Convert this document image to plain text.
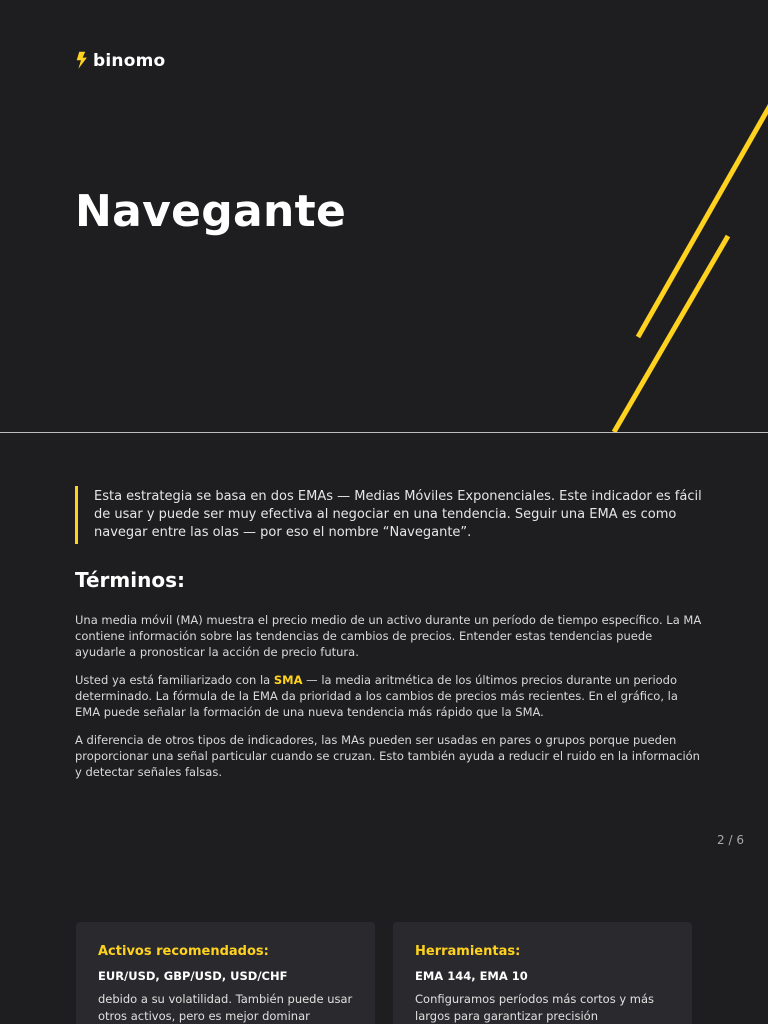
binomo
Navegante

Esta estrategia se basa en dos EMAs — Medias Móviles Exponenciales. Este indicador es fácil de usar y puede ser muy efectiva al negociar en una tendencia. Seguir una EMA es como navegar entre las olas — por eso el nombre “Navegante”.

Términos:

Una media móvil (MA) muestra el precio medio de un activo durante un período de tiempo específico. La MA contiene información sobre las tendencias de cambios de precios. Entender estas tendencias puede ayudarle a pronosticar la acción de precio futura.

Usted ya está familiarizado con la SMA — la media aritmética de los últimos precios durante un periodo determinado. La fórmula de la EMA da prioridad a los cambios de precios más recientes. En el gráfico, la EMA puede señalar la formación de una nueva tendencia más rápido que la SMA.

A diferencia de otros tipos de indicadores, las MAs pueden ser usadas en pares o grupos porque pueden proporcionar una señal particular cuando se cruzan. Esto también ayuda a reducir el ruido en la información y detectar señales falsas.

2 / 6
Activos recomendados:
EUR/USD, GBP/USD, USD/CHF
debido a su volatilidad. También puede usar otros activos, pero es mejor dominar
Herramientas:
EMA 144, EMA 10
Configuramos períodos más cortos y más largos para garantizar precisión
